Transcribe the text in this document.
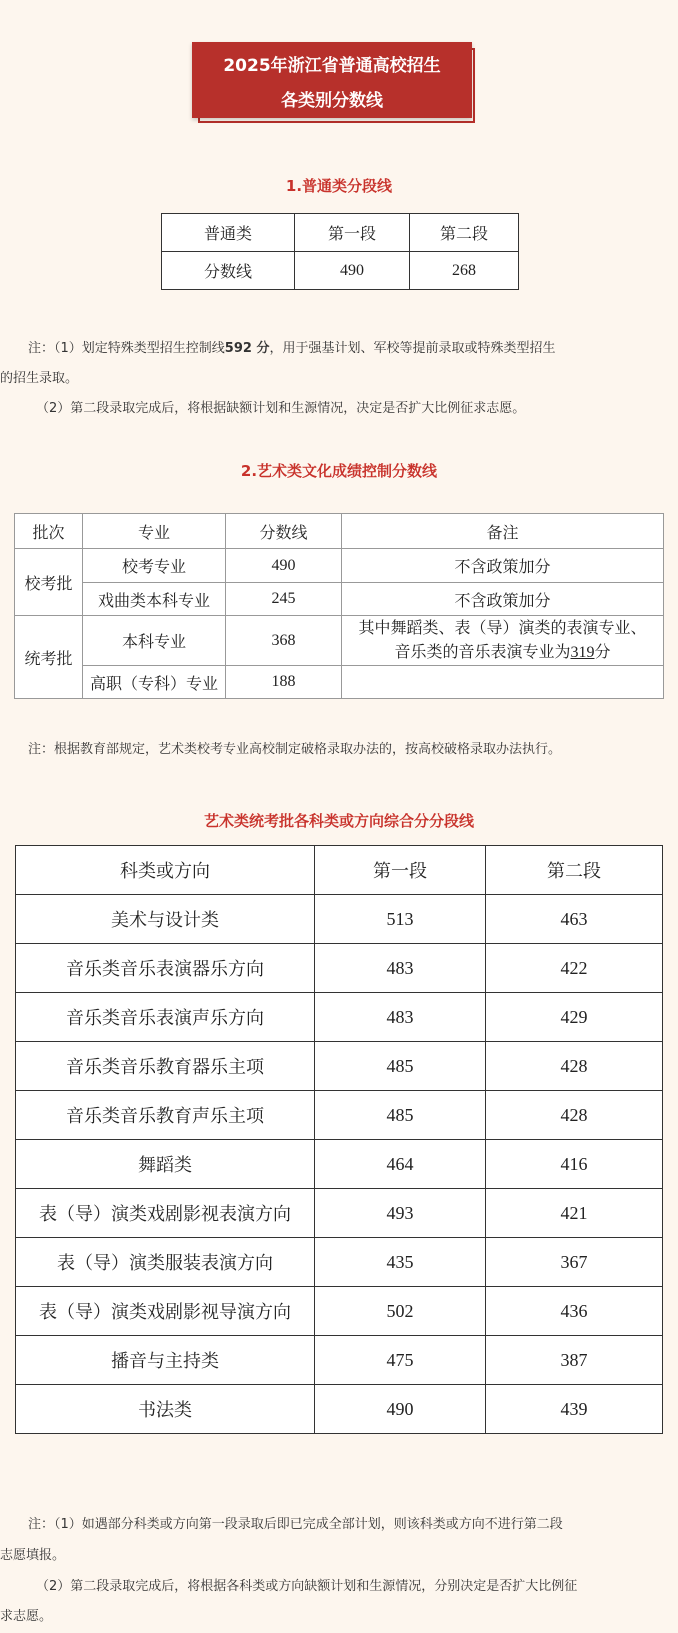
2025年浙江省普通高校招生
各类别分数线
1.普通类分段线
普通类	第一段	第二段
分数线	490	268
注：（1）划定特殊类型招生控制线592 分，用于强基计划、军校等提前录取或特殊类型招生
的招生录取。
（2）第二段录取完成后，将根据缺额计划和生源情况，决定是否扩大比例征求志愿。
2.艺术类文化成绩控制分数线
批次	专业	分数线	备注
校考批	校考专业	490	不含政策加分
	戏曲类本科专业	245	不含政策加分
统考批	本科专业	368	其中舞蹈类、表（导）演类的表演专业、
音乐类的音乐表演专业为319分

	高职（专科）专业	188	
注：根据教育部规定，艺术类校考专业高校制定破格录取办法的，按高校破格录取办法执行。
艺术类统考批各科类或方向综合分分段线
科类或方向	第一段	第二段
美术与设计类	513	463
音乐类音乐表演器乐方向	483	422
音乐类音乐表演声乐方向	483	429
音乐类音乐教育器乐主项	485	428
音乐类音乐教育声乐主项	485	428
舞蹈类	464	416
表（导）演类戏剧影视表演方向	493	421
表（导）演类服装表演方向	435	367
表（导）演类戏剧影视导演方向	502	436
播音与主持类	475	387
书法类	490	439
注：（1）如遇部分科类或方向第一段录取后即已完成全部计划，则该科类或方向不进行第二段
志愿填报。
（2）第二段录取完成后，将根据各科类或方向缺额计划和生源情况，分别决定是否扩大比例征
求志愿。
